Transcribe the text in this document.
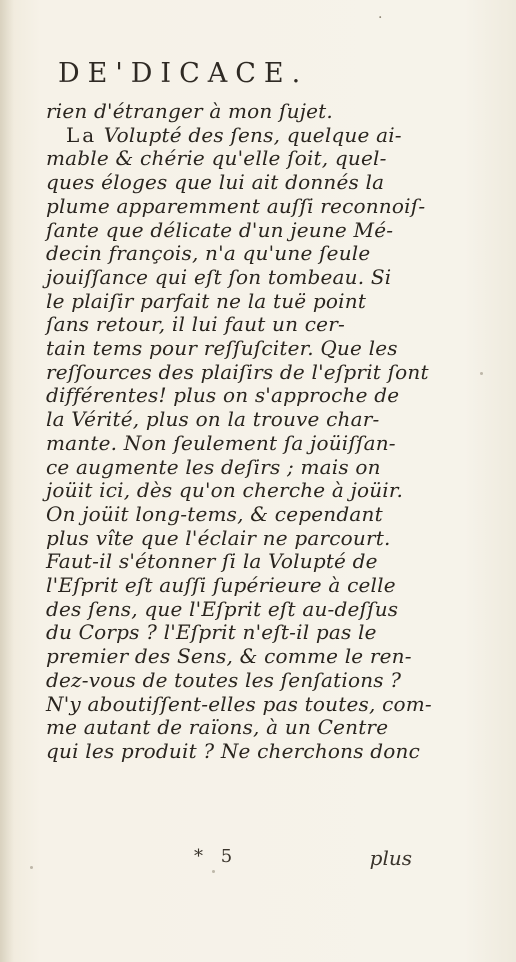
·
DE'DICACE.
rien d'étranger à mon ſujet.
La Volupté des ſens, quelque ai-
mable & chérie qu'elle ſoit, quel-
ques éloges que lui ait donnés la
plume apparemment auſſi reconnoiſ-
ſante que délicate d'un jeune Mé-
decin françois, n'a qu'une ſeule
jouiſſance qui eſt ſon tombeau. Si
le plaiſir parfait ne la tuë point
ſans retour, il lui faut un cer-
tain tems pour reſſuſciter. Que les
reſſources des plaiſirs de l'eſprit ſont
différentes! plus on s'approche de
la Vérité, plus on la trouve char-
mante. Non ſeulement ſa joüiſſan-
ce augmente les deſirs ; mais on
joüit ici, dès qu'on cherche à joüir.
On joüit long-tems, & cependant
plus vîte que l'éclair ne parcourt.
Faut-il s'étonner ſi la Volupté de
l'Eſprit eſt auſſi ſupérieure à celle
des ſens, que l'Eſprit eſt au-deſſus
du Corps ? l'Eſprit n'eſt-il pas le
premier des Sens, & comme le ren-
dez-vous de toutes les ſenſations ?
N'y aboutiſſent-elles pas toutes, com-
me autant de raïons, à un Centre
qui les produit ? Ne cherchons donc
* 5	plus
